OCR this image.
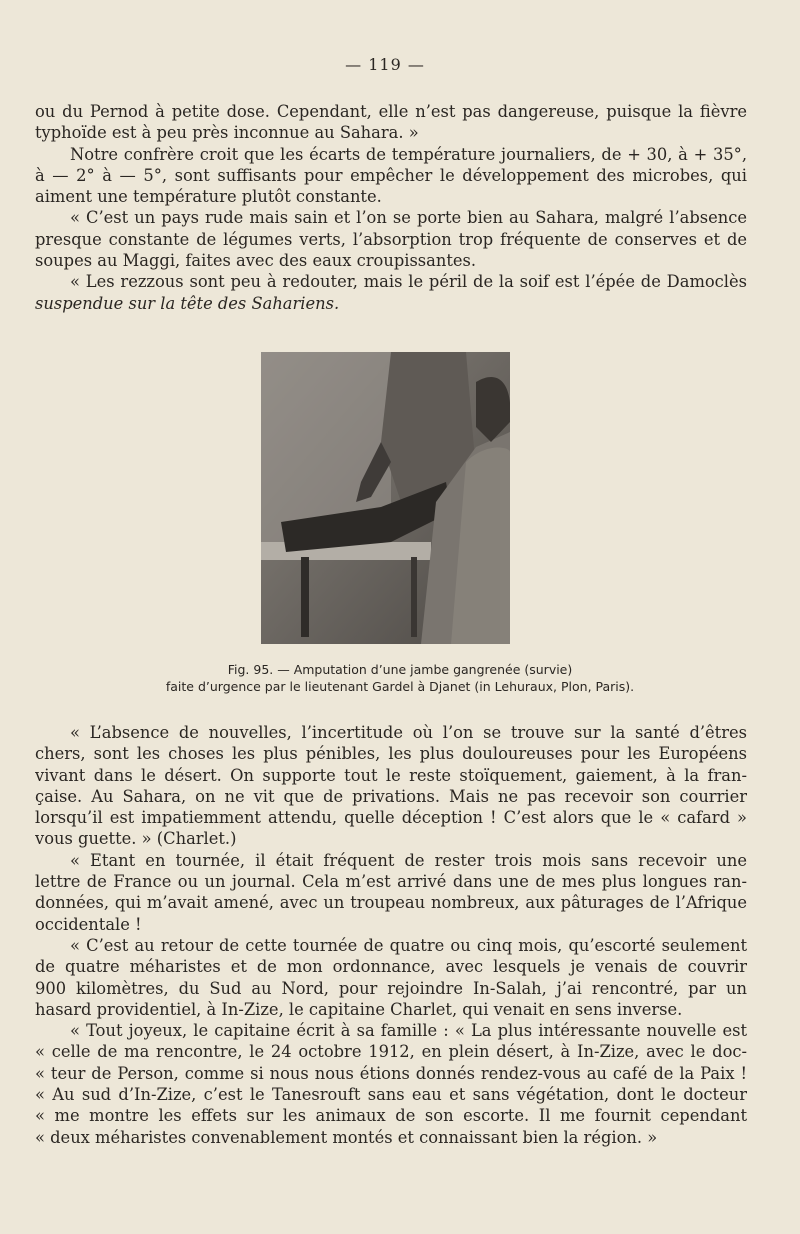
— 119 —
ou du Pernod à petite dose. Cependant, elle n’est pas dangereuse, puisque la fièvre
typhoïde est à peu près inconnue au Sahara. »
Notre confrère croit que les écarts de température journaliers, de + 30, à + 35°,
à — 2° à — 5°, sont suffisants pour empêcher le développement des microbes, qui
aiment une température plutôt constante.
« C’est un pays rude mais sain et l’on se porte bien au Sahara, malgré l’absence
presque constante de légumes verts, l’absorption trop fréquente de conserves et de
soupes au Maggi, faites avec des eaux croupissantes.
« Les rezzous sont peu à redouter, mais le péril de la soif est l’épée de Damoclès
suspendue sur la tête des Sahariens.
Fig. 95. — Amputation d’une jambe gangrenée (survie)
faite d’urgence par le lieutenant Gardel à Djanet (in Lehuraux, Plon, Paris).
« L’absence de nouvelles, l’incertitude où l’on se trouve sur la santé d’êtres
chers, sont les choses les plus pénibles, les plus douloureuses pour les Européens
vivant dans le désert. On supporte tout le reste stoïquement, gaiement, à la fran-
çaise. Au Sahara, on ne vit que de privations. Mais ne pas recevoir son courrier
lorsqu’il est impatiemment attendu, quelle déception ! C’est alors que le « cafard »
vous guette. » (Charlet.)
« Etant en tournée, il était fréquent de rester trois mois sans recevoir une
lettre de France ou un journal. Cela m’est arrivé dans une de mes plus longues ran-
données, qui m’avait amené, avec un troupeau nombreux, aux pâturages de l’Afrique
occidentale !
« C’est au retour de cette tournée de quatre ou cinq mois, qu’escorté seulement
de quatre méharistes et de mon ordonnance, avec lesquels je venais de couvrir
900 kilomètres, du Sud au Nord, pour rejoindre In-Salah, j’ai rencontré, par un
hasard providentiel, à In-Zize, le capitaine Charlet, qui venait en sens inverse.
« Tout joyeux, le capitaine écrit à sa famille : « La plus intéressante nouvelle est
« celle de ma rencontre, le 24 octobre 1912, en plein désert, à In-Zize, avec le doc-
« teur de Person, comme si nous nous étions donnés rendez-vous au café de la Paix !
« Au sud d’In-Zize, c’est le Tanesrouft sans eau et sans végétation, dont le docteur
« me montre les effets sur les animaux de son escorte. Il me fournit cependant
« deux méharistes convenablement montés et connaissant bien la région. »
